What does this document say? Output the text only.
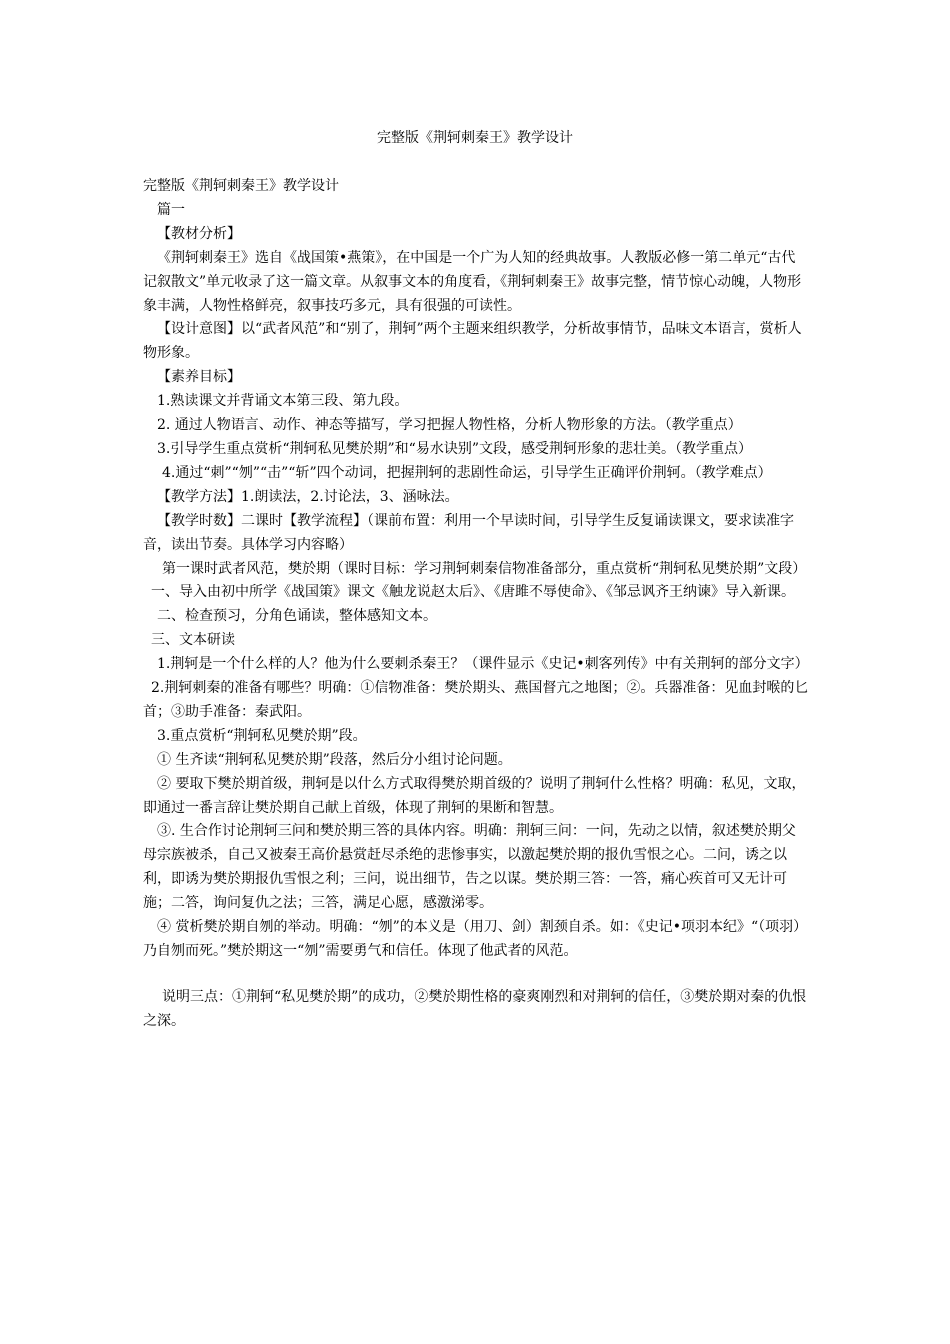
完整版《荆轲刺秦王》教学设计

完整版《荆轲刺秦王》教学设计

篇一

【教材分析】

《荆轲刺秦王》选自《战国策•燕策》，在中国是一个广为人知的经典故事。人教版必修一第二单元“古代记叙散文”单元收录了这一篇文章。从叙事文本的角度看，《荆轲刺秦王》故事完整，情节惊心动魄，人物形象丰满，人物性格鲜亮，叙事技巧多元，具有很强的可读性。

【设计意图】以“武者风范”和“别了，荆轲”两个主题来组织教学，分析故事情节，品味文本语言，赏析人物形象。

【素养目标】

1.熟读课文并背诵文本第三段、第九段。

2. 通过人物语言、动作、神态等描写，学习把握人物性格，分析人物形象的方法。（教学重点）

3.引导学生重点赏析“荆轲私见樊於期”和“易水诀别”文段，感受荆轲形象的悲壮美。（教学重点）

4.通过“刺”“刎”“击”“斩”四个动词，把握荆轲的悲剧性命运，引导学生正确评价荆轲。（教学难点）

【教学方法】1.朗读法，2.讨论法，3、涵咏法。

【教学时数】二课时【教学流程】（课前布置：利用一个早读时间，引导学生反复诵读课文，要求读准字音，读出节奏。具体学习内容略）

第一课时武者风范，樊於期（课时目标：学习荆轲刺秦信物准备部分，重点赏析“荆轲私见樊於期”文段）

一、导入由初中所学《战国策》课文《触龙说赵太后》、《唐雎不辱使命》、《邹忌讽齐王纳谏》导入新课。

二、检查预习，分角色诵读，整体感知文本。

三、文本研读

1.荆轲是一个什么样的人？他为什么要刺杀秦王？（课件显示《史记•刺客列传》中有关荆轲的部分文字）

2.荆轲刺秦的准备有哪些？明确：①信物准备：樊於期头、燕国督亢之地图；②。兵器准备：见血封喉的匕首；③助手准备：秦武阳。

3.重点赏析“荆轲私见樊於期”段。

① 生齐读“荆轲私见樊於期”段落，然后分小组讨论问题。

② 要取下樊於期首级，荆轲是以什么方式取得樊於期首级的？说明了荆轲什么性格？明确：私见，文取，即通过一番言辞让樊於期自己献上首级，体现了荆轲的果断和智慧。

③. 生合作讨论荆轲三问和樊於期三答的具体内容。明确：荆轲三问：一问，先动之以情，叙述樊於期父母宗族被杀，自己又被秦王高价悬赏赶尽杀绝的悲惨事实，以激起樊於期的报仇雪恨之心。二问，诱之以利，即诱为樊於期报仇雪恨之利；三问，说出细节，告之以谋。樊於期三答：一答，痛心疾首可又无计可施；二答，询问复仇之法；三答，满足心愿，感激涕零。

④ 赏析樊於期自刎的举动。明确：“刎”的本义是（用刀、剑）割颈自杀。如：《史记•项羽本纪》“（项羽）乃自刎而死。”樊於期这一“刎”需要勇气和信任。体现了他武者的风范。

说明三点：①荆轲“私见樊於期”的成功，②樊於期性格的豪爽刚烈和对荆轲的信任，③樊於期对秦的仇恨之深。
